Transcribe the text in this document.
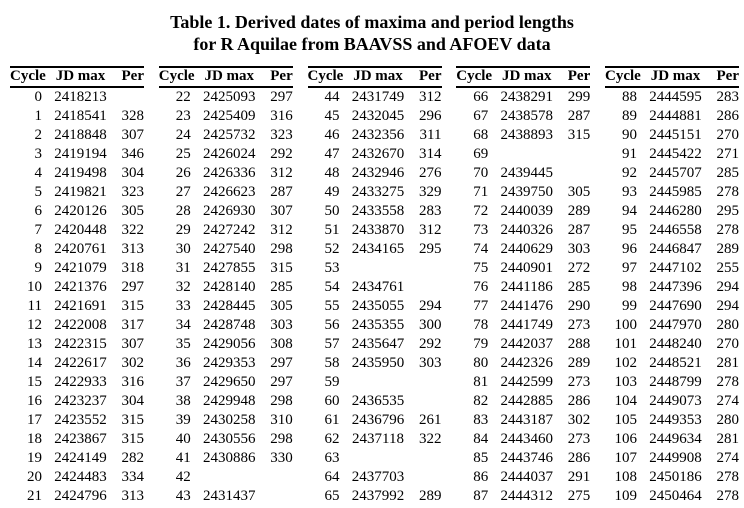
Table 1. Derived dates of maxima and period lengths
for R Aquilae from BAAVSS and AFOEV data
Cycle	JD max	Per
0	2418213	
1	2418541	328
2	2418848	307
3	2419194	346
4	2419498	304
5	2419821	323
6	2420126	305
7	2420448	322
8	2420761	313
9	2421079	318
10	2421376	297
11	2421691	315
12	2422008	317
13	2422315	307
14	2422617	302
15	2422933	316
16	2423237	304
17	2423552	315
18	2423867	315
19	2424149	282
20	2424483	334
21	2424796	313
Cycle	JD max	Per
22	2425093	297
23	2425409	316
24	2425732	323
25	2426024	292
26	2426336	312
27	2426623	287
28	2426930	307
29	2427242	312
30	2427540	298
31	2427855	315
32	2428140	285
33	2428445	305
34	2428748	303
35	2429056	308
36	2429353	297
37	2429650	297
38	2429948	298
39	2430258	310
40	2430556	298
41	2430886	330
42		
43	2431437	
Cycle	JD max	Per
44	2431749	312
45	2432045	296
46	2432356	311
47	2432670	314
48	2432946	276
49	2433275	329
50	2433558	283
51	2433870	312
52	2434165	295
53		
54	2434761	
55	2435055	294
56	2435355	300
57	2435647	292
58	2435950	303
59		
60	2436535	
61	2436796	261
62	2437118	322
63		
64	2437703	
65	2437992	289
Cycle	JD max	Per
66	2438291	299
67	2438578	287
68	2438893	315
69		
70	2439445	
71	2439750	305
72	2440039	289
73	2440326	287
74	2440629	303
75	2440901	272
76	2441186	285
77	2441476	290
78	2441749	273
79	2442037	288
80	2442326	289
81	2442599	273
82	2442885	286
83	2443187	302
84	2443460	273
85	2443746	286
86	2444037	291
87	2444312	275
Cycle	JD max	Per
88	2444595	283
89	2444881	286
90	2445151	270
91	2445422	271
92	2445707	285
93	2445985	278
94	2446280	295
95	2446558	278
96	2446847	289
97	2447102	255
98	2447396	294
99	2447690	294
100	2447970	280
101	2448240	270
102	2448521	281
103	2448799	278
104	2449073	274
105	2449353	280
106	2449634	281
107	2449908	274
108	2450186	278
109	2450464	278
